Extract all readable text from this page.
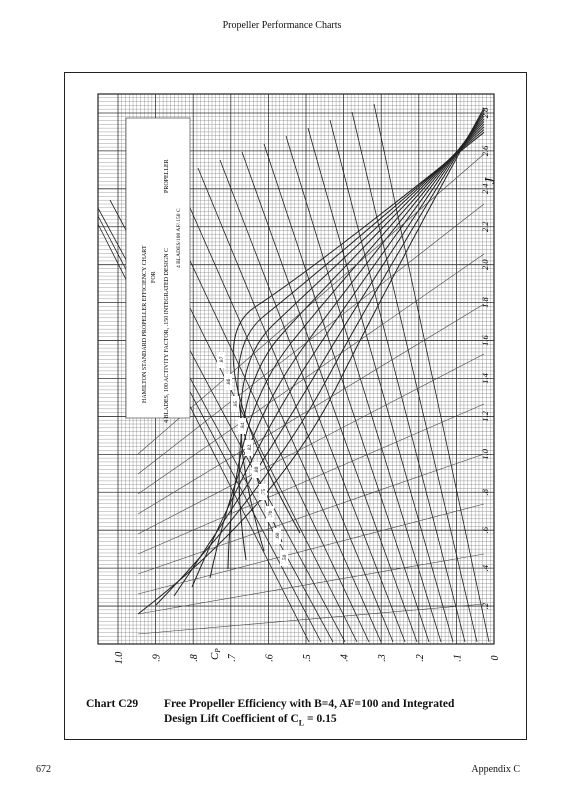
Propeller Performance Charts
HAMILTON STANDARD PROPELLER EFFICIENCY CHART FOR 4 BLADES, 100 ACTIVITY FACTOR, .150 INTEGRATED DESIGN C
PROPELLER
4 BLADES/100 AF/.150 C
CP
1.0	.9	.8	.7	.6	.5	.4	.3	.2	.1	0
.2
.4
.6
.8
1.0
1.2
1.4
1.6
1.8
2.0
2.2
2.4
2.6
2.8
.50
.60
.70
.75
.80
.82
.84
.85
.86
.87
J
Chart C29 Free Propeller Efficiency with B=4, AF=100 and Integrated
Design Lift Coefficient of $C_L = 0.15$
672	Appendix C
